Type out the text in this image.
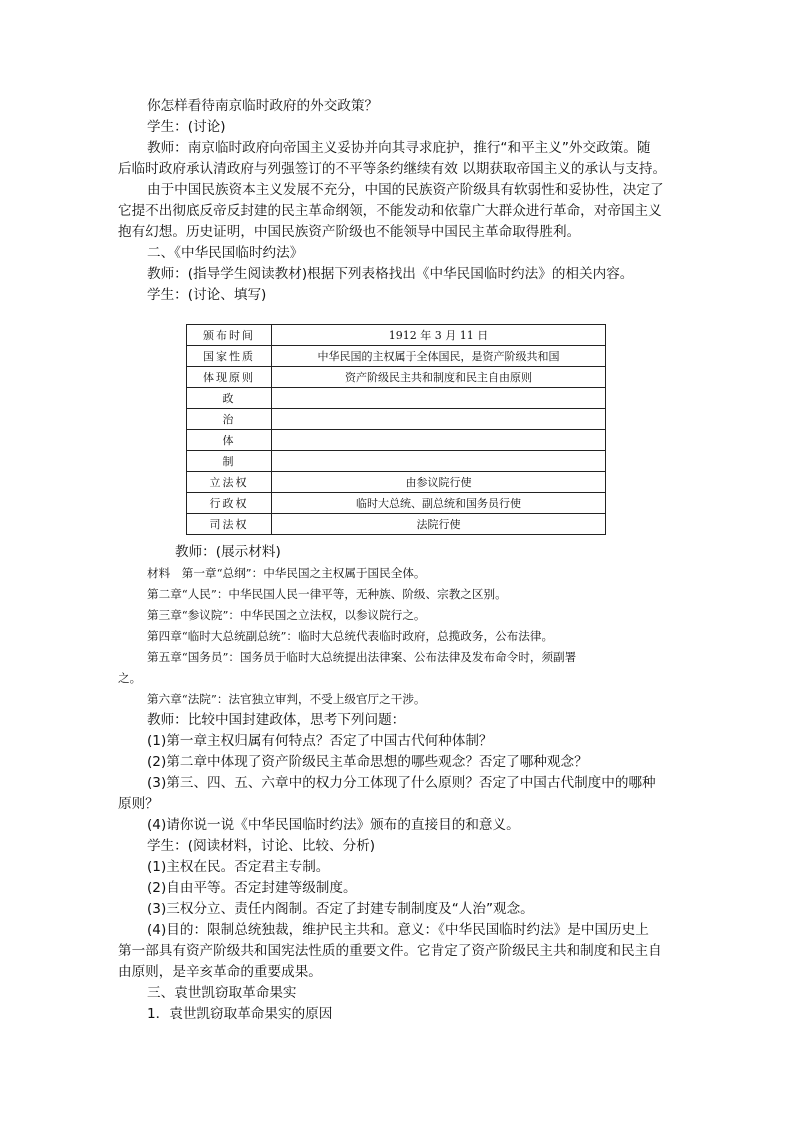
你怎样看待南京临时政府的外交政策？
学生：(讨论)
教师：南京临时政府向帝国主义妥协并向其寻求庇护，推行“和平主义”外交政策。随
后临时政府承认清政府与列强签订的不平等条约继续有效 以期获取帝国主义的承认与支持。
由于中国民族资本主义发展不充分，中国的民族资产阶级具有软弱性和妥协性，决定了
它提不出彻底反帝反封建的民主革命纲领，不能发动和依靠广大群众进行革命，对帝国主义
抱有幻想。历史证明，中国民族资产阶级也不能领导中国民主革命取得胜利。
二、《中华民国临时约法》
教师：(指导学生阅读教材)根据下列表格找出《中华民国临时约法》的相关内容。
学生：(讨论、填写)
颁布时间	1912 年 3 月 11 日
国家性质	中华民国的主权属于全体国民，是资产阶级共和国
体现原则	资产阶级民主共和制度和民主自由原则
政	
治	
体	
制	
立法权	由参议院行使
行政权	临时大总统、副总统和国务员行使
司法权	法院行使
教师：(展示材料)
材料　第一章“总纲”：中华民国之主权属于国民全体。
第二章“人民”：中华民国人民一律平等，无种族、阶级、宗教之区别。
第三章“参议院”：中华民国之立法权，以参议院行之。
第四章“临时大总统副总统”：临时大总统代表临时政府，总揽政务，公布法律。
第五章“国务员”：国务员于临时大总统提出法律案、公布法律及发布命令时，须副署
之。
第六章“法院”：法官独立审判，不受上级官厅之干涉。
教师：比较中国封建政体，思考下列问题：
(1)第一章主权归属有何特点？否定了中国古代何种体制？
(2)第二章中体现了资产阶级民主革命思想的哪些观念？否定了哪种观念？
(3)第三、四、五、六章中的权力分工体现了什么原则？否定了中国古代制度中的哪种
原则？
(4)请你说一说《中华民国临时约法》颁布的直接目的和意义。
学生：(阅读材料，讨论、比较、分析)
(1)主权在民。否定君主专制。
(2)自由平等。否定封建等级制度。
(3)三权分立、责任内阁制。否定了封建专制制度及“人治”观念。
(4)目的：限制总统独裁，维护民主共和。意义：《中华民国临时约法》是中国历史上
第一部具有资产阶级共和国宪法性质的重要文件。它肯定了资产阶级民主共和制度和民主自
由原则，是辛亥革命的重要成果。
三、袁世凯窃取革命果实
1．袁世凯窃取革命果实的原因
